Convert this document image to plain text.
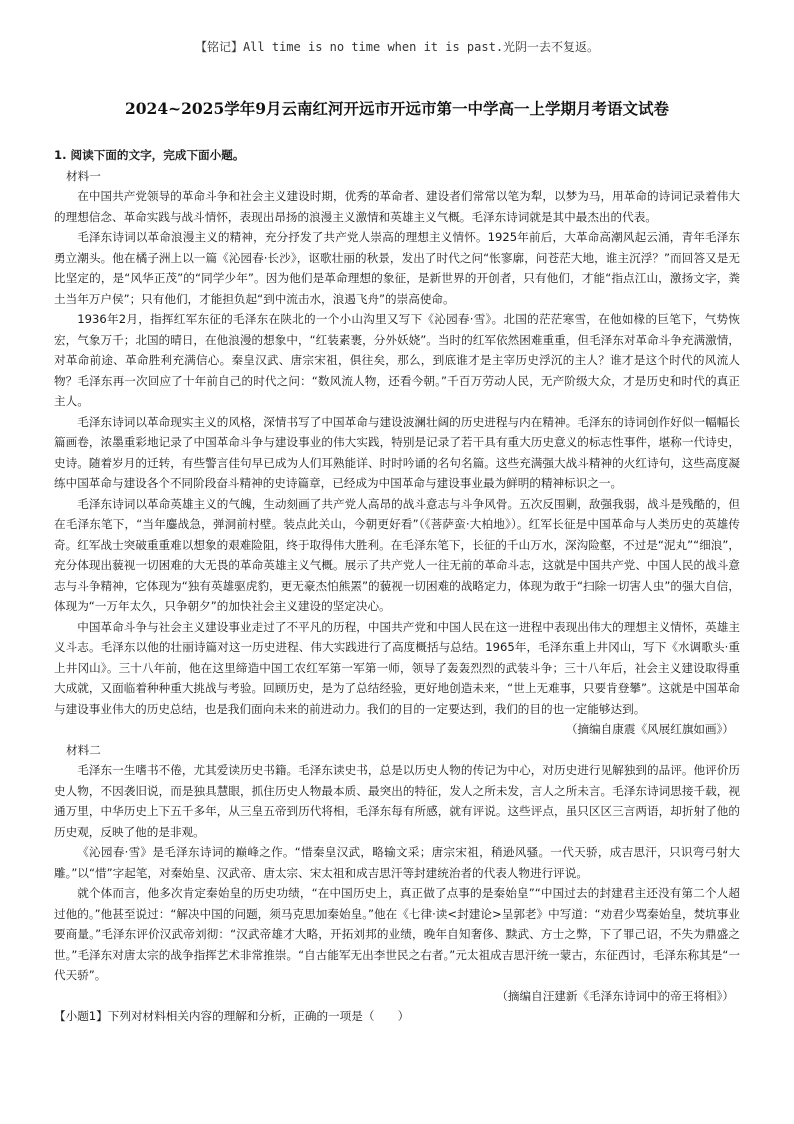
【铭记】All time is no time when it is past.光阴一去不复返。
2024~2025学年9月云南红河开远市开远市第一中学高一上学期月考语文试卷

1. 阅读下面的文字，完成下面小题。

材料一

在中国共产党领导的革命斗争和社会主义建设时期，优秀的革命者、建设者们常常以笔为犁，以梦为马，用革命的诗词记录着伟大的理想信念、革命实践与战斗情怀，表现出昂扬的浪漫主义激情和英雄主义气概。毛泽东诗词就是其中最杰出的代表。

毛泽东诗词以革命浪漫主义的精神，充分抒发了共产党人崇高的理想主义情怀。1925年前后，大革命高潮风起云涌，青年毛泽东勇立潮头。他在橘子洲上以一篇《沁园春·长沙》，讴歌壮丽的秋景，发出了时代之问“怅寥廓，问苍茫大地，谁主沉浮？”而回答又是无比坚定的，是“风华正茂”的“同学少年”。因为他们是革命理想的象征，是新世界的开创者，只有他们，才能“指点江山，激扬文字，粪土当年万户侯”；只有他们，才能担负起“到中流击水，浪遏飞舟”的崇高使命。

1936年2月，指挥红军东征的毛泽东在陕北的一个小山沟里又写下《沁园春·雪》。北国的茫茫寒雪，在他如椽的巨笔下，气势恢宏，气象万千；北国的晴日，在他浪漫的想象中，“红装素裹，分外妖娆”。当时的红军依然困难重重，但毛泽东对革命斗争充满激情，对革命前途、革命胜利充满信心。秦皇汉武、唐宗宋祖，俱往矣，那么，到底谁才是主宰历史浮沉的主人？谁才是这个时代的风流人物？毛泽东再一次回应了十年前自己的时代之问：“数风流人物，还看今朝。”千百万劳动人民，无产阶级大众，才是历史和时代的真正主人。

毛泽东诗词以革命现实主义的风格，深情书写了中国革命与建设波澜壮阔的历史进程与内在精神。毛泽东的诗词创作好似一幅幅长篇画卷，浓墨重彩地记录了中国革命斗争与建设事业的伟大实践，特别是记录了若干具有重大历史意义的标志性事件，堪称一代诗史，史诗。随着岁月的迁转，有些警言佳句早已成为人们耳熟能详、时时吟诵的名句名篇。这些充满强大战斗精神的火红诗句，这些高度凝练中国革命与建设各个不同阶段奋斗精神的史诗篇章，已经成为中国革命与建设事业最为鲜明的精神标识之一。

毛泽东诗词以革命英雄主义的气魄，生动刻画了共产党人高昂的战斗意志与斗争风骨。五次反围剿，敌强我弱，战斗是残酷的，但在毛泽东笔下，“当年鏖战急，弹洞前村壁。装点此关山，今朝更好看”（《菩萨蛮·大柏地》）。红军长征是中国革命与人类历史的英雄传奇。红军战士突破重重难以想象的艰难险阻，终于取得伟大胜利。在毛泽东笔下，长征的千山万水，深沟险壑，不过是“泥丸”“细浪”，充分体现出藐视一切困难的大无畏的革命英雄主义气概。展示了共产党人一往无前的革命斗志，这就是中国共产党、中国人民的战斗意志与斗争精神，它体现为“独有英雄驱虎豹，更无豪杰怕熊罴”的藐视一切困难的战略定力，体现为敢于“扫除一切害人虫”的强大自信，体现为“一万年太久，只争朝夕”的加快社会主义建设的坚定决心。

中国革命斗争与社会主义建设事业走过了不平凡的历程，中国共产党和中国人民在这一进程中表现出伟大的理想主义情怀，英雄主义斗志。毛泽东以他的壮丽诗篇对这一历史进程、伟大实践进行了高度概括与总结。1965年，毛泽东重上井冈山，写下《水调歌头·重上井冈山》。三十八年前，他在这里缔造中国工农红军第一军第一师，领导了轰轰烈烈的武装斗争；三十八年后，社会主义建设取得重大成就，又面临着种种重大挑战与考验。回顾历史，是为了总结经验，更好地创造未来，“世上无难事，只要肯登攀”。这就是中国革命与建设事业伟大的历史总结，也是我们面向未来的前进动力。我们的目的一定要达到，我们的目的也一定能够达到。

（摘编自康震《风展红旗如画》）

材料二

毛泽东一生嗜书不倦，尤其爱读历史书籍。毛泽东读史书，总是以历史人物的传记为中心，对历史进行见解独到的品评。他评价历史人物，不因袭旧说，而是独具慧眼，抓住历史人物最本质、最突出的特征，发人之所未发，言人之所未言。毛泽东诗词思接千载，视通万里，中华历史上下五千多年，从三皇五帝到历代将相，毛泽东每有所感，就有评说。这些评点，虽只区区三言两语，却折射了他的历史观，反映了他的是非观。

《沁园春·雪》是毛泽东诗词的巅峰之作。“惜秦皇汉武，略输文采；唐宗宋祖，稍逊风骚。一代天骄，成吉思汗，只识弯弓射大雕。”以“惜”字起笔，对秦始皇、汉武帝、唐太宗、宋太祖和成吉思汗等封建统治者的代表人物进行评说。

就个体而言，他多次肯定秦始皇的历史功绩，“在中国历史上，真正做了点事的是秦始皇”“中国过去的封建君主还没有第二个人超过他的。”他甚至说过：“解决中国的问题，须马克思加秦始皇。”他在《七律·读<封建论>呈郭老》中写道：“劝君少骂秦始皇，焚坑事业要商量。”毛泽东评价汉武帝刘彻：“汉武帝雄才大略，开拓刘邦的业绩，晚年自知奢侈、黩武、方士之弊，下了罪己诏，不失为鼎盛之世。”毛泽东对唐太宗的战争指挥艺术非常推崇。“自古能军无出李世民之右者。”元太祖成吉思汗统一蒙古，东征西讨，毛泽东称其是“一代天骄”。

（摘编自汪建新《毛泽东诗词中的帝王将相》）

【小题1】下列对材料相关内容的理解和分析，正确的一项是（　　）
